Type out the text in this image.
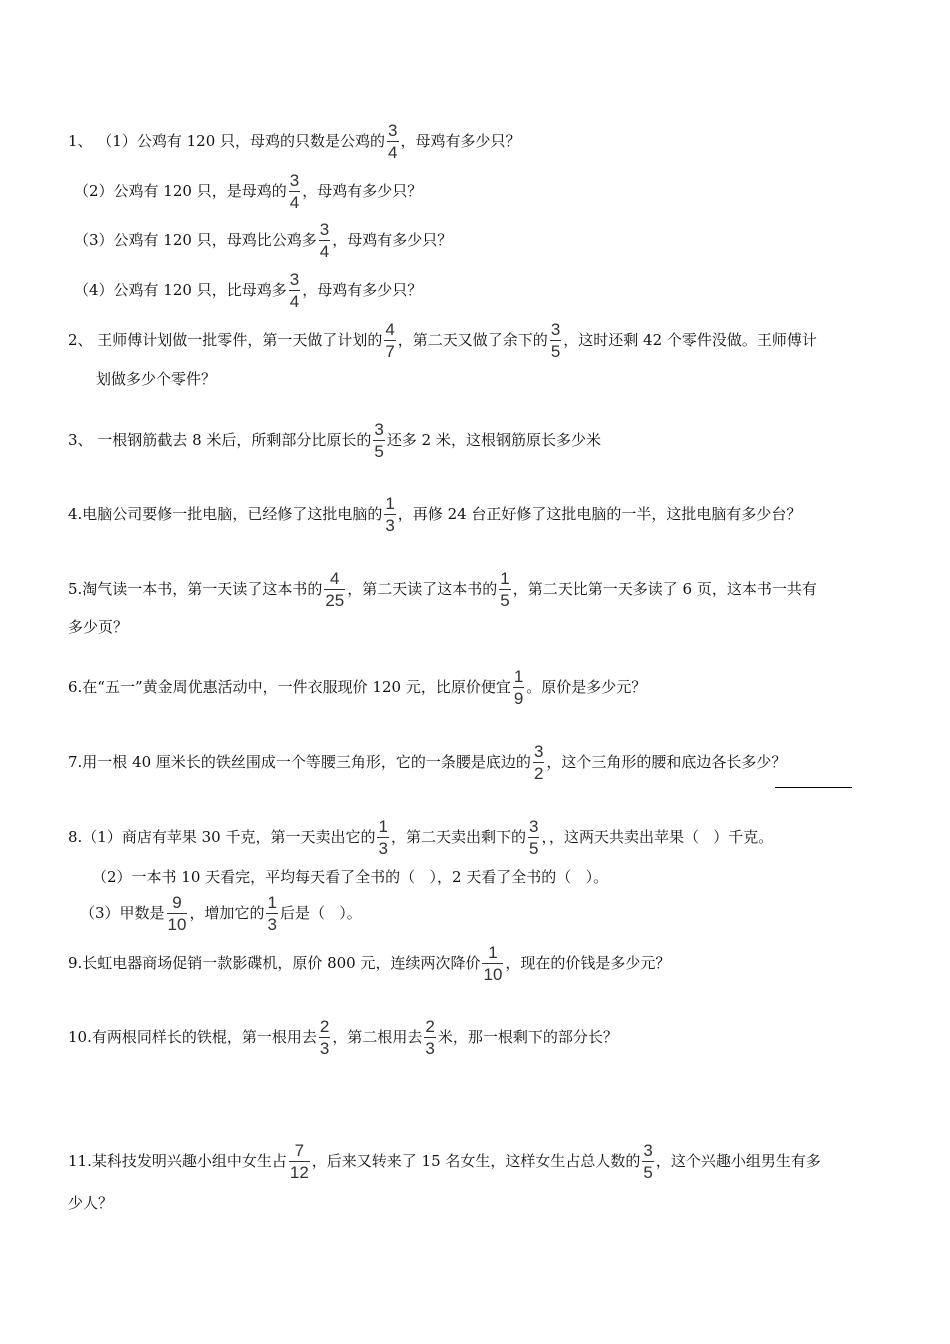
1、 （1）公鸡有 120 只，母鸡的只数是公鸡的 $\frac{3}{4}$ ，母鸡有多少只？
（2）公鸡有 120 只，是母鸡的 $\frac{3}{4}$ ，母鸡有多少只？
（3）公鸡有 120 只，母鸡比公鸡多 $\frac{3}{4}$ ，母鸡有多少只？
（4）公鸡有 120 只，比母鸡多 $\frac{3}{4}$ ，母鸡有多少只？
2、 王师傅计划做一批零件，第一天做了计划的 $\frac{4}{7}$ ，第二天又做了余下的 $\frac{3}{5}$ ，这时还剩 42 个零件没做。王师傅计
划做多少个零件？
3、 一根钢筋截去 8 米后，所剩部分比原长的 $\frac{3}{5}$ 还多 2 米，这根钢筋原长多少米
4.电脑公司要修一批电脑，已经修了这批电脑的 $\frac{1}{3}$ ，再修 24 台正好修了这批电脑的一半，这批电脑有多少台？
5.淘气读一本书，第一天读了这本书的 $\frac{4}{25}$ ，第二天读了这本书的 $\frac{1}{5}$ ，第二天比第一天多读了 6 页，这本书一共有
多少页？
6.在“五一”黄金周优惠活动中，一件衣服现价 120 元，比原价便宜 $\frac{1}{9}$ 。原价是多少元？
7.用一根 40 厘米长的铁丝围成一个等腰三角形，它的一条腰是底边的 $\frac{3}{2}$ ，这个三角形的腰和底边各长多少？
8.（1）商店有苹果 30 千克，第一天卖出它的 $\frac{1}{3}$ ，第二天卖出剩下的 $\frac{3}{5}$ ，，这两天共卖出苹果（   ）千克。
（2）一本书 10 天看完，平均每天看了全书的（   ），2 天看了全书的（   ）。
（3）甲数是 $\frac{9}{10}$ ，增加它的 $\frac{1}{3}$ 后是（   ）。
9.长虹电器商场促销一款影碟机，原价 800 元，连续两次降价 $\frac{1}{10}$ ，现在的价钱是多少元？
10.有两根同样长的铁棍，第一根用去 $\frac{2}{3}$ ，第二根用去 $\frac{2}{3}$ 米，那一根剩下的部分长？
11.某科技发明兴趣小组中女生占 $\frac{7}{12}$ ，后来又转来了 15 名女生，这样女生占总人数的 $\frac{3}{5}$ ，这个兴趣小组男生有多
少人？
